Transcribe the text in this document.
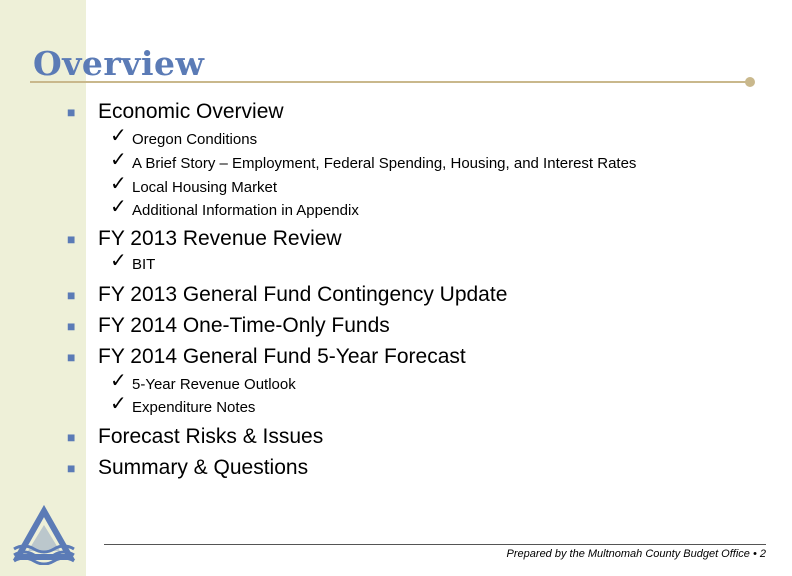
Overview
■ Economic Overview
✓ Oregon Conditions
✓ A Brief Story – Employment, Federal Spending, Housing, and Interest Rates
✓ Local Housing Market
✓ Additional Information in Appendix
■ FY 2013 Revenue Review
✓ BIT
■ FY 2013 General Fund Contingency Update
■ FY 2014 One-Time-Only Funds
■ FY 2014 General Fund 5-Year Forecast
✓ 5-Year Revenue Outlook
✓ Expenditure Notes
■ Forecast Risks & Issues
■ Summary & Questions
Prepared by the Multnomah County Budget Office • 2
